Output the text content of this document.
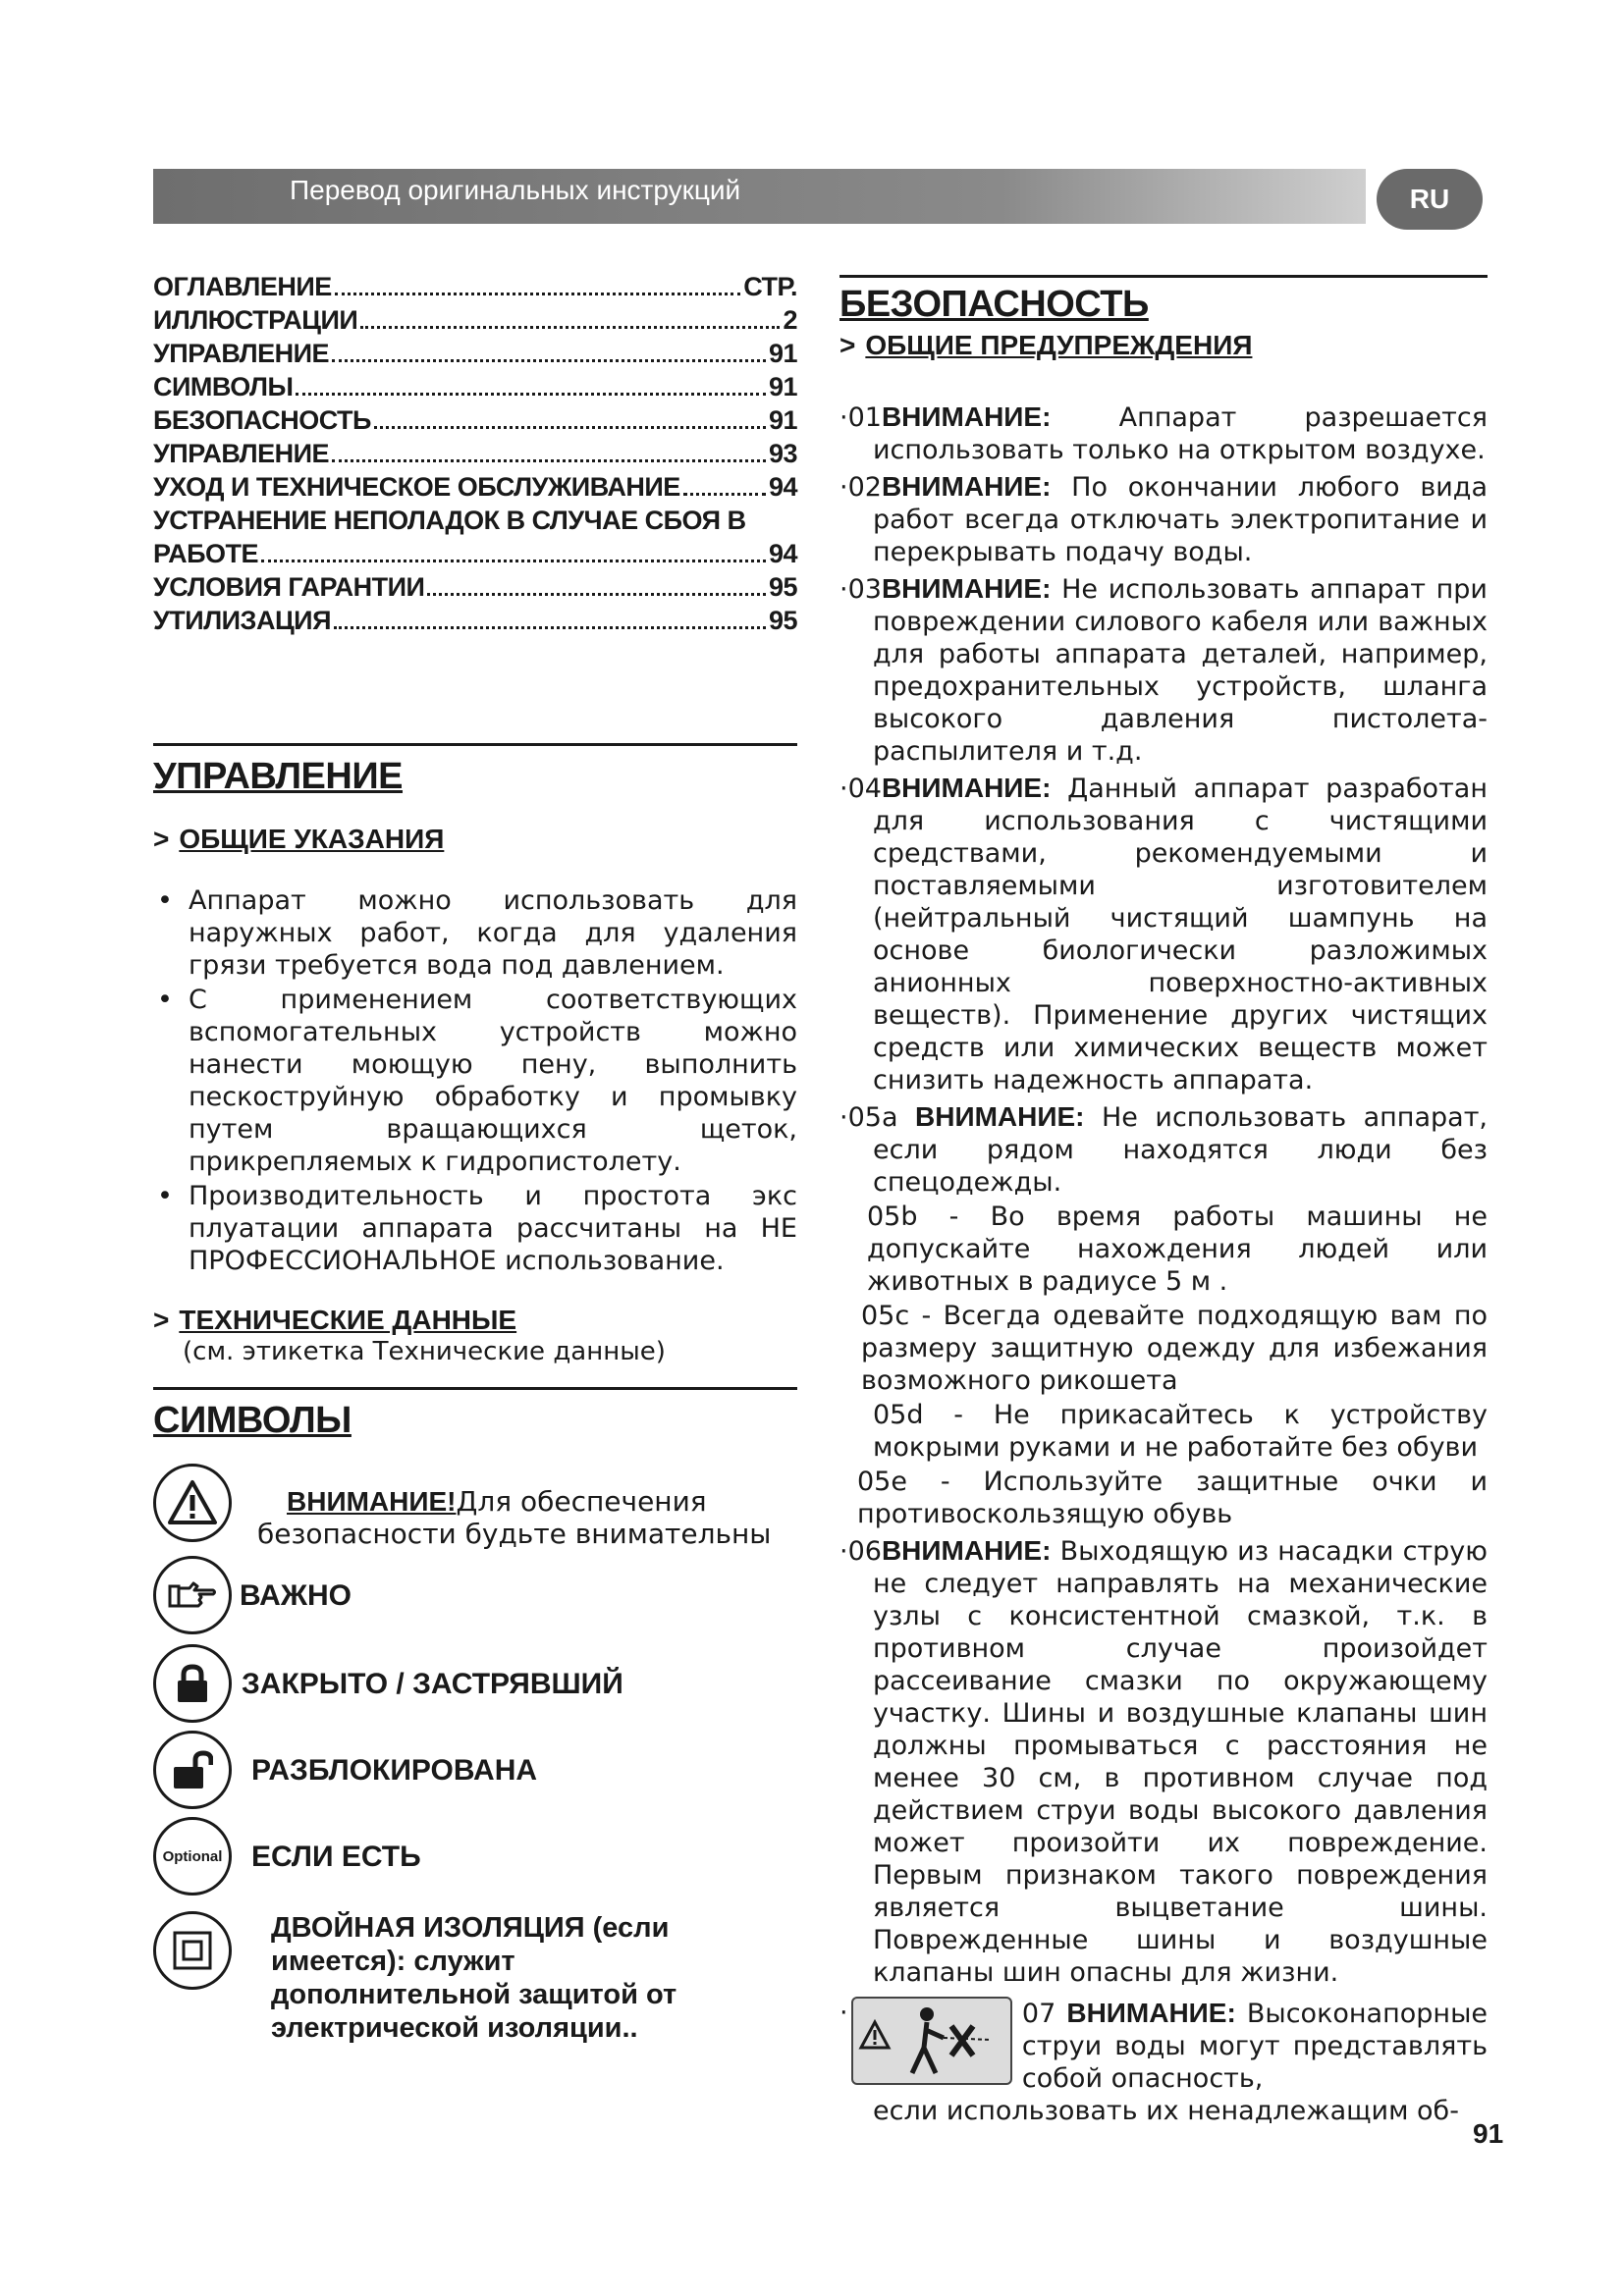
Перевод оригинальных инструкций	RU
ОГЛАВЛЕНИЕ	СТР.
ИЛЛЮСТРАЦИИ	2
УПРАВЛЕНИЕ	91
СИМВОЛЫ	91
БЕЗОПАСНОСТЬ	91
УПРАВЛЕНИЕ	93
УХОД И ТЕХНИЧЕСКОЕ ОБСЛУЖИВАНИЕ	94
УСТРАНЕНИЕ НЕПОЛАДОК В СЛУЧАЕ СБОЯ В
РАБОТЕ	94
УСЛОВИЯ ГАРАНТИИ	95
УТИЛИЗАЦИЯ	95
УПРАВЛЕНИЕ
> ОБЩИЕ УКАЗАНИЯ
• Аппарат можно использовать для наружных работ, когда для удаления грязи требуется вода под давлением.
• С применением соответствующих вспомогательных устройств можно нанести моющую пену, выполнить пескоструйную обработку и промывку путем вращающихся щеток, прикрепляемых к гидропистолету.
• Производительность и простота экс плуатации аппарата рассчитаны на НЕ ПРОФЕССИОНАЛЬНОЕ использование.
> ТЕХНИЧЕСКИЕ ДАННЫЕ
(см. этикетка Технические данные)
СИМВОЛЫ
ВНИМАНИЕ!Для обеспечения
безопасности будьте внимательны
ВАЖНО
ЗАКРЫТО / ЗАСТРЯВШИЙ
РАЗБЛОКИРОВАНА
Optional ЕСЛИ ЕСТЬ
ДВОЙНАЯ ИЗОЛЯЦИЯ (если имеется): служит дополнительной защитой от электрической изоляции..
БЕЗОПАСНОСТЬ
> ОБЩИЕ ПРЕДУПРЕЖДЕНИЯ
·01ВНИМАНИЕ:	Аппарат разрешается использовать только на открытом воздухе.
·02ВНИМАНИЕ: По окончании любого вида работ всегда отключать электропитание и перекрывать подачу воды.
·03ВНИМАНИЕ: Не использовать аппарат при повреждении силового кабеля или важных для работы аппарата деталей, например, предохранительных устройств, шланга высокого давления пистолета-распылителя и т.д.
·04ВНИМАНИЕ: Данный аппарат разработан для использования с чистящими средствами, рекомендуемыми и поставляемыми изготовителем (нейтральный чистящий шампунь на основе биологически разложимых анионных поверхностно-активных веществ). Применение других чистящих средств или химических веществ может снизить надежность аппарата.
·05a ВНИМАНИЕ: Не использовать аппарат, если рядом находятся люди без спецодежды.
05b - Во время работы машины не допускайте нахождения людей или животных в радиусе 5 м .
05c - Всегда одевайте подходящую вам по размеру защитную одежду для избежания возможного рикошета
05d - Не прикасайтесь к устройству мокрыми руками и не работайте без обуви
05e - Используйте защитные очки и противоскользящую обувь
·06ВНИМАНИЕ: Выходящую из насадки струю не следует направлять на механические узлы с консистентной смазкой, т.к. в противном случае произойдет рассеивание смазки по окружающему участку. Шины и воздушные клапаны шин должны промываться с расстояния не менее 30 см, в противном случае под действием струи воды высокого давления может произойти их повреждение. Первым признаком такого повреждения является выцветание шины. Поврежденные шины и воздушные клапаны шин опасны для жизни.
·	07 ВНИМАНИЕ: Высоконапорные струи воды могут представлять собой опасность,
если использовать их ненадлежащим об-
91
